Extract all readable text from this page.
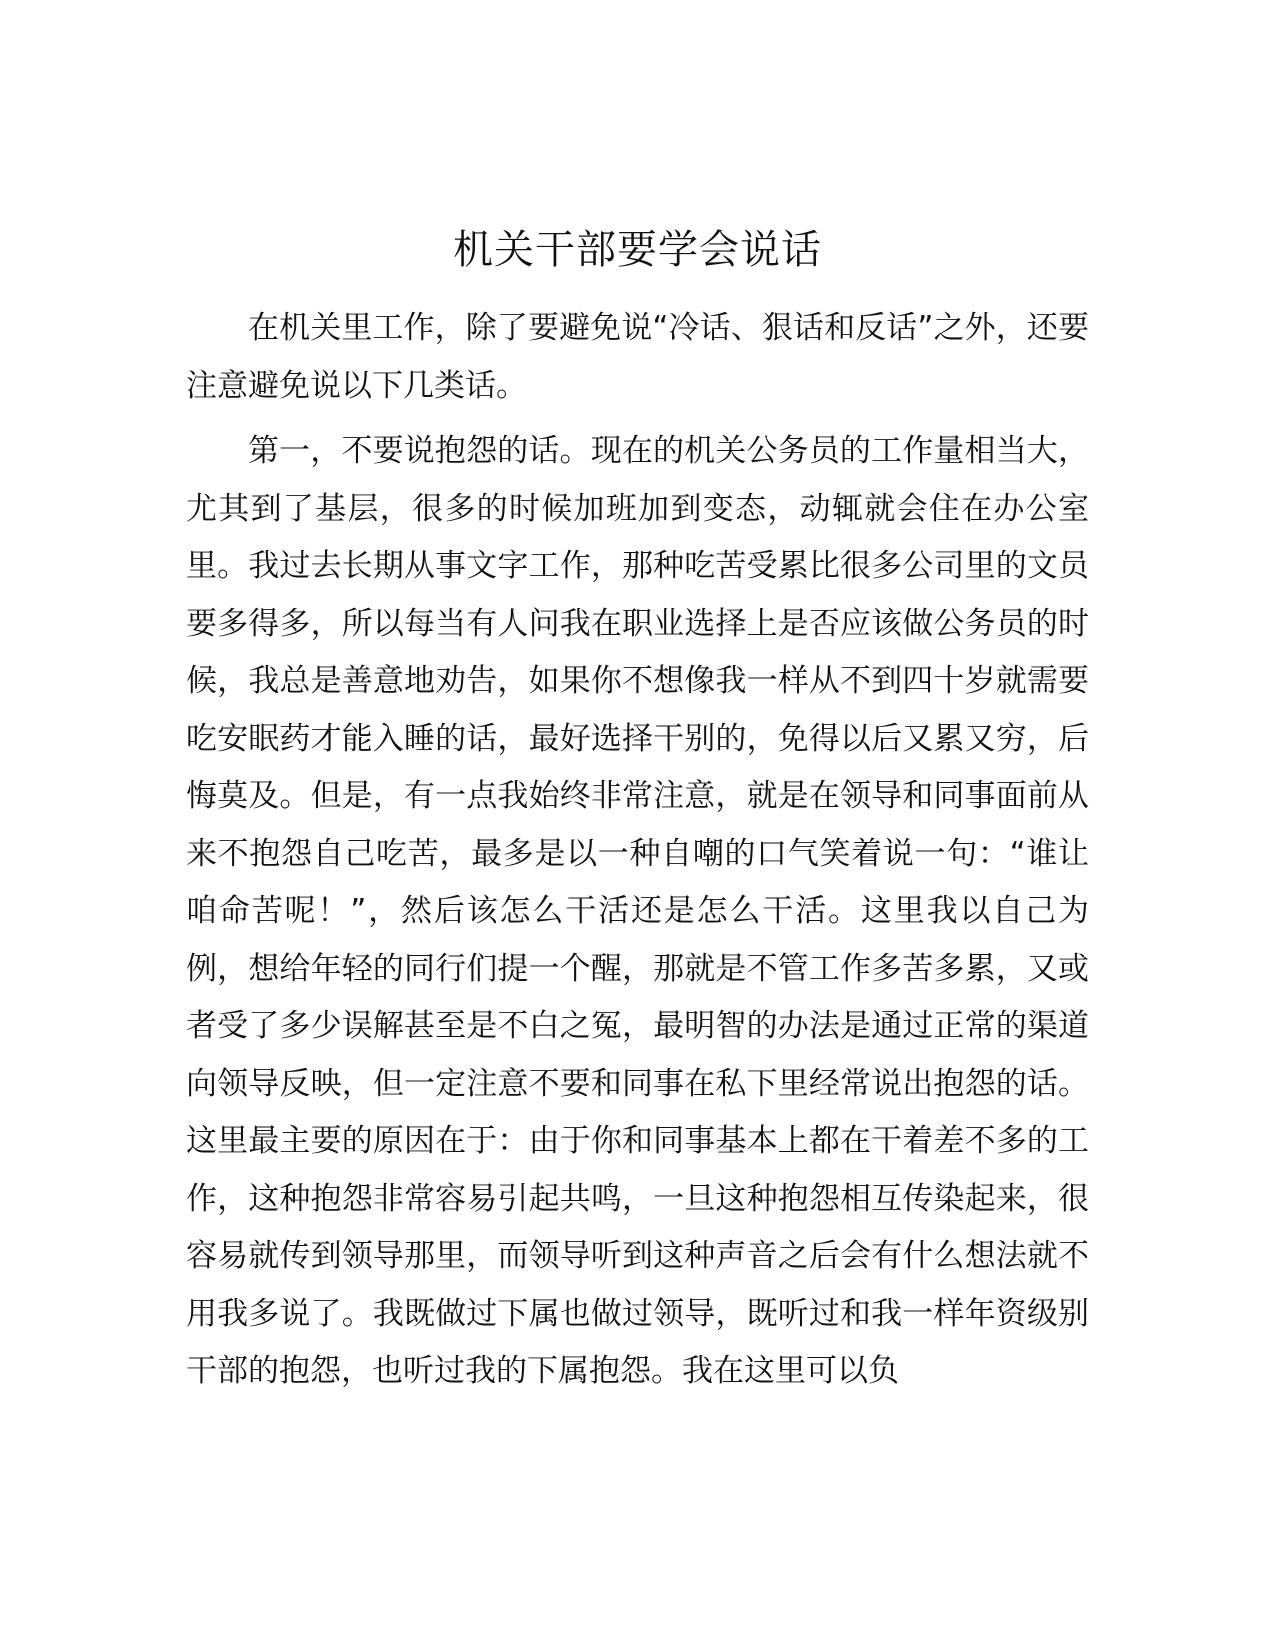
机关干部要学会说话

在机关里工作，除了要避免说“冷话、狠话和反话”之外，还要注意避免说以下几类话。

第一，不要说抱怨的话。现在的机关公务员的工作量相当大，尤其到了基层，很多的时候加班加到变态，动辄就会住在办公室里。我过去长期从事文字工作，那种吃苦受累比很多公司里的文员要多得多，所以每当有人问我在职业选择上是否应该做公务员的时候，我总是善意地劝告，如果你不想像我一样从不到四十岁就需要吃安眠药才能入睡的话，最好选择干别的，免得以后又累又穷，后悔莫及。但是，有一点我始终非常注意，就是在领导和同事面前从来不抱怨自己吃苦，最多是以一种自嘲的口气笑着说一句：“谁让咱命苦呢！”，然后该怎么干活还是怎么干活。这里我以自己为例，想给年轻的同行们提一个醒，那就是不管工作多苦多累，又或者受了多少误解甚至是不白之冤，最明智的办法是通过正常的渠道向领导反映，但一定注意不要和同事在私下里经常说出抱怨的话。这里最主要的原因在于：由于你和同事基本上都在干着差不多的工作，这种抱怨非常容易引起共鸣，一旦这种抱怨相互传染起来，很容易就传到领导那里，而领导听到这种声音之后会有什么想法就不用我多说了。我既做过下属也做过领导，既听过和我一样年资级别干部的抱怨，也听过我的下属抱怨。我在这里可以负
